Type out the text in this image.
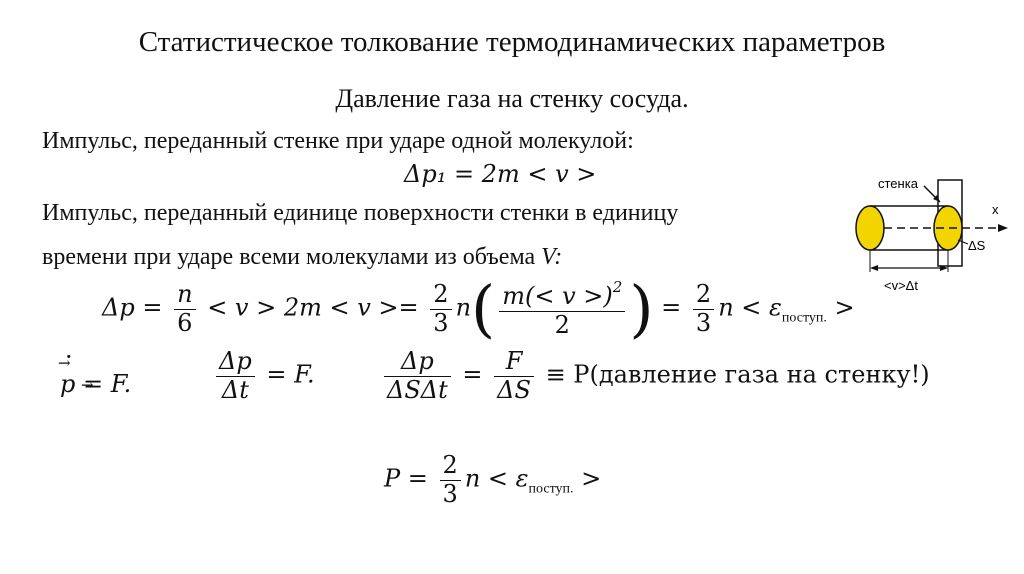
Статистическое толкование термодинамических параметров
Давление газа на стенку сосуда.
Импульс, переданный стенке при ударе одной молекулой:
Δp₁ = 2m < v >
Импульс, переданный единице поверхности стенки в единицу
времени при ударе всеми молекулами из объема V:
$\Delta p = \frac{n}{6} < v > 2m < v >= \frac{2}{3} n( \frac{m(< v >)^2}{2}$ ) = $\frac{2}{3}$ $n < \varepsilon_{поступ.}$ >
→ p · = F.	$\frac{\Delta p}{\Delta t} = F$.	$\frac{\Delta p}{\text{ΔSΔt}} = \frac{F}{\Delta S}$ ≡ P(давление газа на стенку!)
$P = \frac{2}{3}$ $n < \varepsilon_{поступ.}$ >
стенка
x
ΔS
<v>Δt
